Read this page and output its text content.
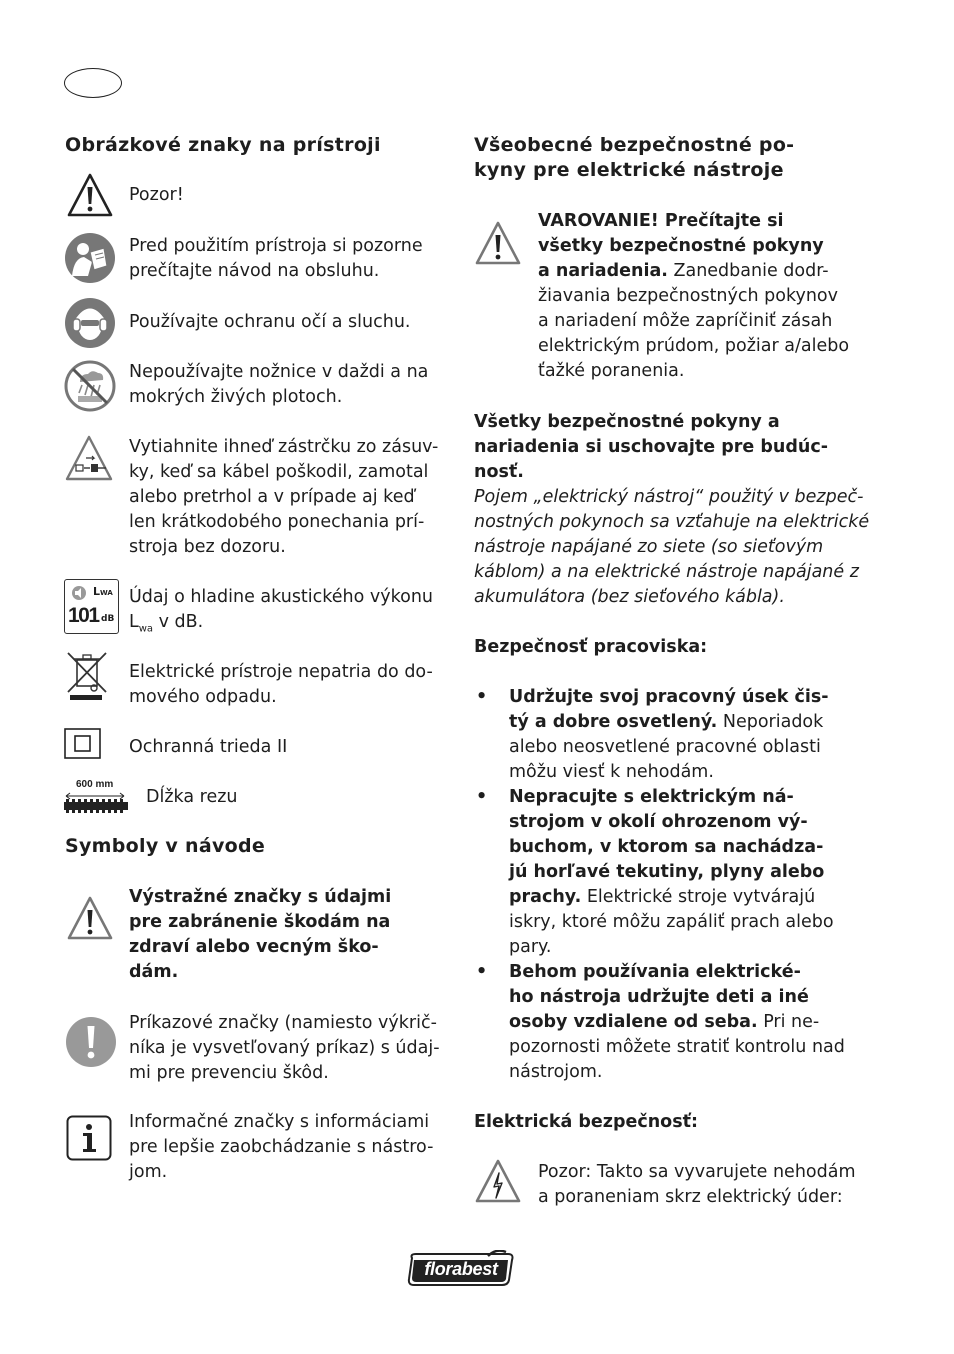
Obrázkové znaky na prístroji

Pozor!

Pred použitím prístroja si pozorne
prečítajte návod na obsluhu.

Používajte ochranu očí a sluchu.

Nepoužívajte nožnice v daždi a na
mokrých živých plotoch.

Vytiahnite ihneď zástrčku zo zásuv-
ky, keď sa kábel poškodil, zamotal
alebo pretrhol a v prípade aj keď
len krátkodobého ponechania prí-
stroja bez dozoru.

LWA
101 dB

Údaj o hladine akustického výkonu
$L_{wa}$ v dB.

Elektrické prístroje nepatria do do-
mového odpadu.

Ochranná trieda II

600 mm

Dĺžka rezu

Symboly v návode

Výstražné značky s údajmi
pre zabránenie škodám na
zdraví alebo vecným ško-
dám.

Príkazové značky (namiesto výkrič-
níka je vysvetľovaný príkaz) s údaj-
mi pre prevenciu škôd.

Informačné značky s informáciami
pre lepšie zaobchádzanie s nástro-
jom.

Všeobecné bezpečnostné po-
kyny pre elektrické nástroje

VAROVANIE! Prečítajte si
všetky bezpečnostné pokyny
a nariadenia. Zanedbanie dodr-
žiavania bezpečnostných pokynov
a nariadení môže zapríčiniť zásah
elektrickým prúdom, požiar a/alebo
ťažké poranenia.

Všetky bezpečnostné pokyny a
nariadenia si uschovajte pre budúc-
nosť.

Pojem „elektrický nástroj“ použitý v bezpeč-
nostných pokynoch sa vzťahuje na elektrické
nástroje napájané zo siete (so sieťovým
káblom) a na elektrické nástroje napájané z
akumulátora (bez sieťového kábla).

Bezpečnosť pracoviska:

• Udržujte svoj pracovný úsek čis-
tý a dobre osvetlený. Neporiadok
alebo neosvetlené pracovné oblasti
môžu viesť k nehodám.
• Nepracujte s elektrickým ná-
strojom v okolí ohrozenom vý-
buchom, v ktorom sa nachádza-
jú horľavé tekutiny, plyny alebo
prachy. Elektrické stroje vytvárajú
iskry, ktoré môžu zapáliť prach alebo
pary.
• Behom používania elektrické-
ho nástroja udržujte deti a iné
osoby vzdialene od seba. Pri ne-
pozornosti môžete stratiť kontrolu nad
nástrojom.

Elektrická bezpečnosť:

Pozor: Takto sa vyvarujete nehodám
a poraneniam skrz elektrický úder:

florabest
